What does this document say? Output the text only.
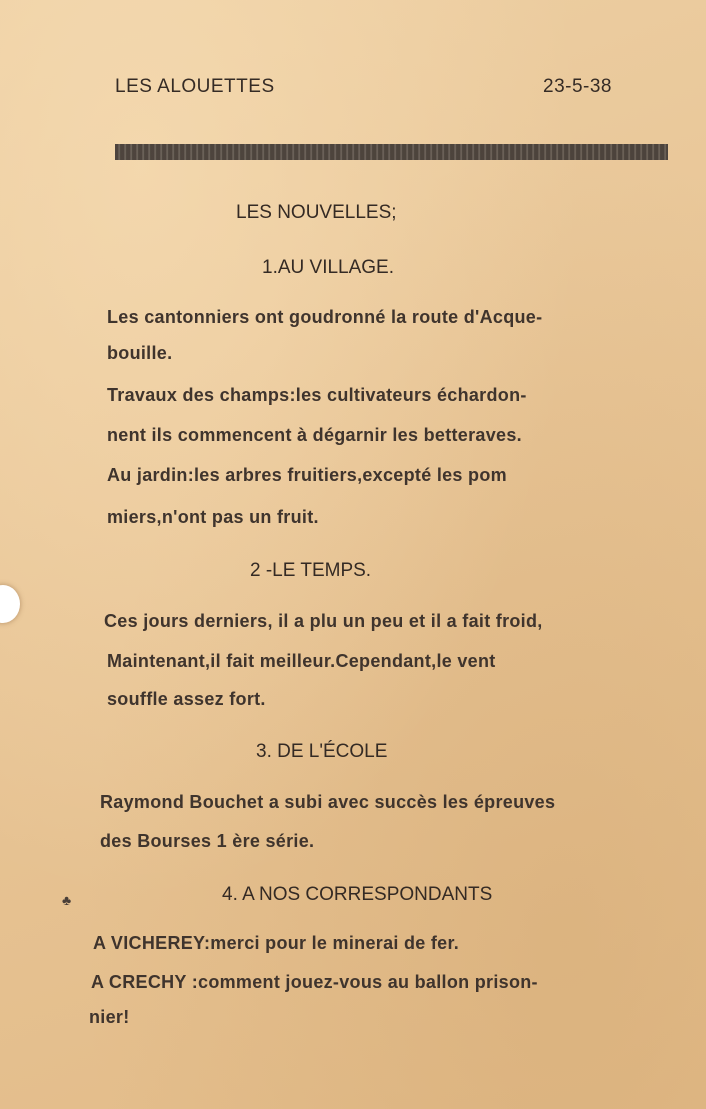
LES ALOUETTES	23-5-38
LES NOUVELLES;
1.AU VILLAGE.
Les cantonniers ont goudronné la route d'Acque-
bouille.
Travaux des champs:les cultivateurs échardon-
nent ils commencent à dégarnir les betteraves.
Au jardin:les arbres fruitiers,excepté les pom
miers,n'ont pas un fruit.
2 -LE TEMPS.
Ces jours derniers, il a plu un peu et il a fait froid,
Maintenant,il fait meilleur.Cependant,le vent
souffle assez fort.
3. DE L'ÉCOLE
Raymond Bouchet a subi avec succès les épreuves
des Bourses 1 ère série.
♣	4. A NOS CORRESPONDANTS
A VICHEREY:merci pour le minerai de fer.
A CRECHY :comment jouez-vous au ballon prison-
nier!
